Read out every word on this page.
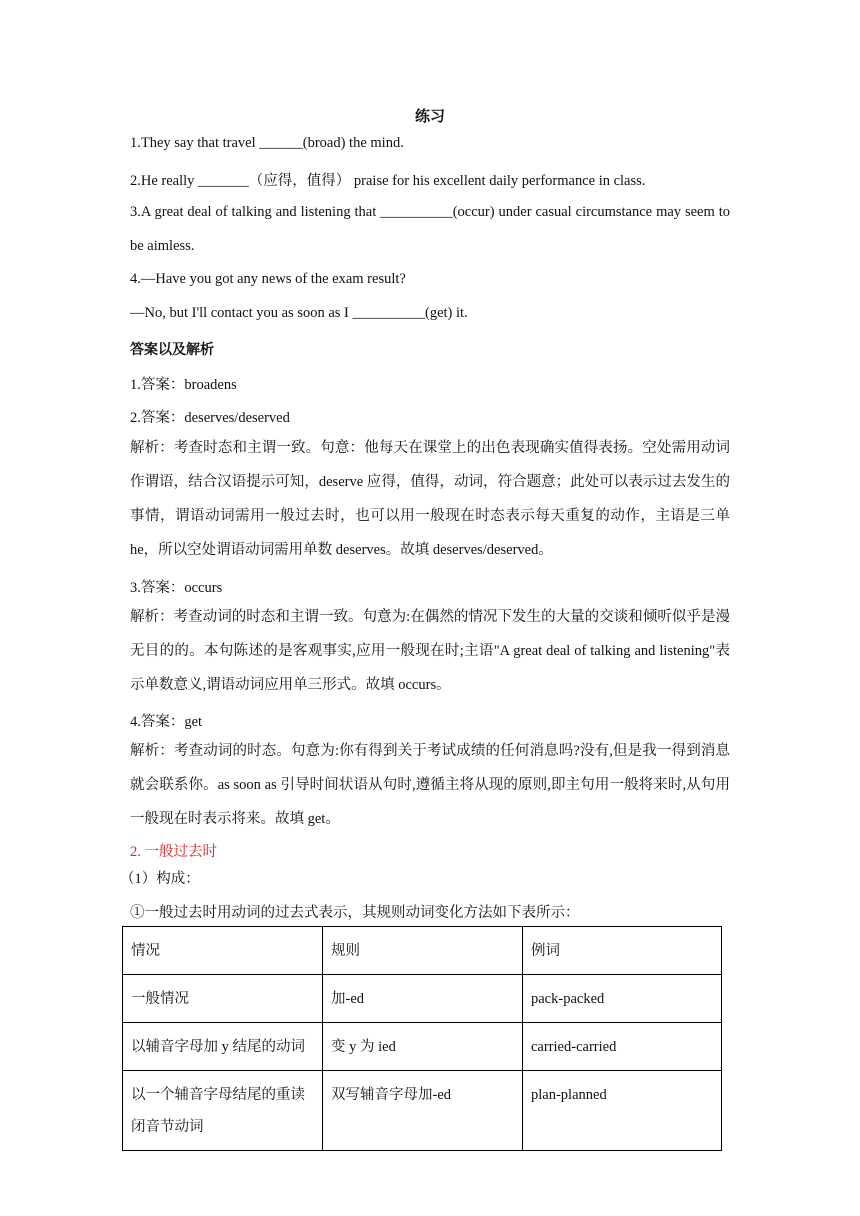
练习
1.They say that travel ______(broad) the mind.
2.He really _______（应得，值得） praise for his excellent daily performance in class.
3.A great deal of talking and listening that __________(occur) under casual circumstance may seem to be aimless.
4.—Have you got any news of the exam result?
—No, but I'll contact you as soon as I __________(get) it.
答案以及解析
1.答案：broadens
2.答案：deserves/deserved
解析：考查时态和主谓一致。句意：他每天在课堂上的出色表现确实值得表扬。空处需用动词作谓语，结合汉语提示可知，deserve 应得，值得，动词，符合题意；此处可以表示过去发生的事情，谓语动词需用一般过去时，也可以用一般现在时态表示每天重复的动作，主语是三单 he，所以空处谓语动词需用单数 deserves。故填 deserves/deserved。
3.答案：occurs
解析：考查动词的时态和主谓一致。句意为:在偶然的情况下发生的大量的交谈和倾听似乎是漫无目的的。本句陈述的是客观事实,应用一般现在时;主语"A great deal of talking and listening"表示单数意义,谓语动词应用单三形式。故填 occurs。
4.答案：get
解析：考查动词的时态。句意为:你有得到关于考试成绩的任何消息吗?没有,但是我一得到消息就会联系你。as soon as 引导时间状语从句时,遵循主将从现的原则,即主句用一般将来时,从句用一般现在时表示将来。故填 get。
2. 一般过去时
（1）构成：
①一般过去时用动词的过去式表示，其规则动词变化方法如下表所示：
情况	规则	例词
一般情况	加-ed	pack-packed
以辅音字母加 y 结尾的动词	变 y 为 ied	carried-carried
以一个辅音字母结尾的重读闭音节动词	双写辅音字母加-ed	plan-planned
